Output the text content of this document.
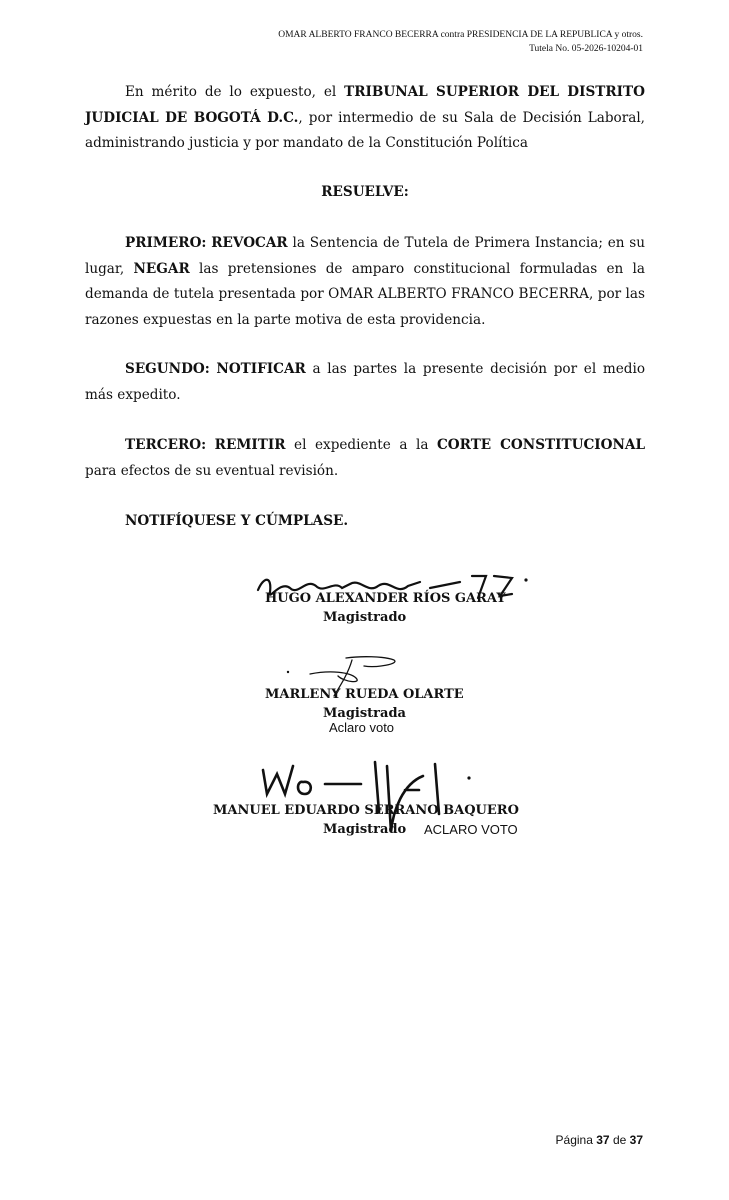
OMAR ALBERTO FRANCO BECERRA contra PRESIDENCIA DE LA REPUBLICA y otros.
Tutela No. 05-2026-10204-01
En mérito de lo expuesto, el TRIBUNAL SUPERIOR DEL DISTRITO JUDICIAL DE BOGOTÁ D.C., por intermedio de su Sala de Decisión Laboral, administrando justicia y por mandato de la Constitución Política
RESUELVE:
PRIMERO: REVOCAR la Sentencia de Tutela de Primera Instancia; en su lugar, NEGAR las pretensiones de amparo constitucional formuladas en la demanda de tutela presentada por OMAR ALBERTO FRANCO BECERRA, por las razones expuestas en la parte motiva de esta providencia.
SEGUNDO: NOTIFICAR a las partes la presente decisión por el medio más expedito.
TERCERO: REMITIR el expediente a la CORTE CONSTITUCIONAL para efectos de su eventual revisión.
NOTIFÍQUESE Y CÚMPLASE.
HUGO ALEXANDER RÍOS GARAY
Magistrado
MARLENY RUEDA OLARTE
Magistrada
Aclaro voto
MANUEL EDUARDO SERRANO BAQUERO
Magistrado ACLARO VOTO
Página 37 de 37
